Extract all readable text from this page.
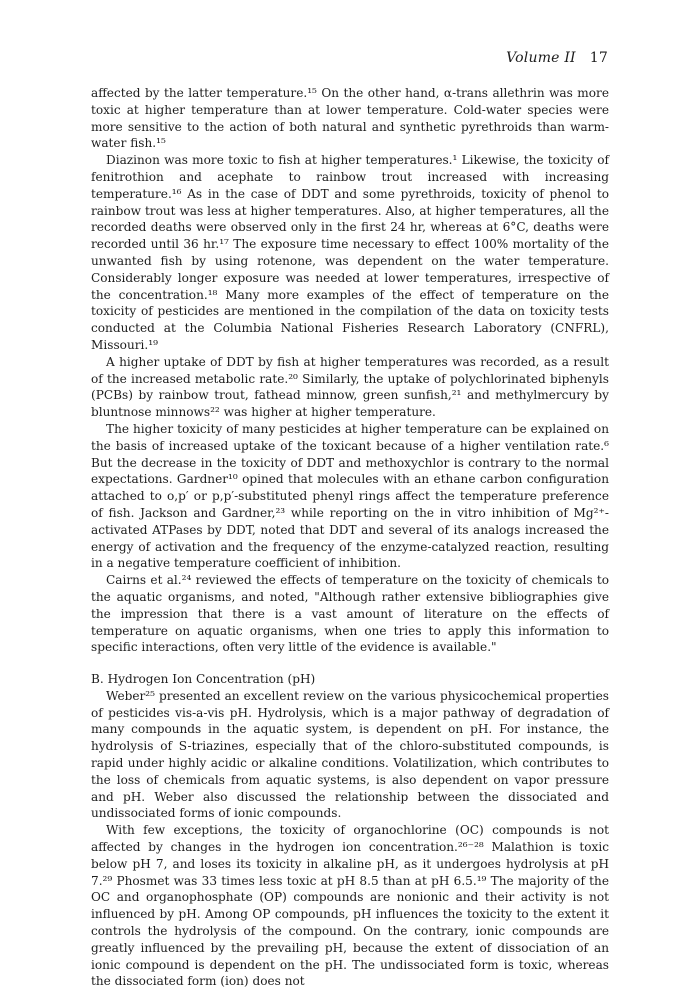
Volume II 17

affected by the latter temperature.¹⁵ On the other hand, α-trans allethrin was more toxic at higher temperature than at lower temperature. Cold-water species were more sensitive to the action of both natural and synthetic pyrethroids than warm-water fish.¹⁵

Diazinon was more toxic to fish at higher temperatures.¹ Likewise, the toxicity of fenitrothion and acephate to rainbow trout increased with increasing temperature.¹⁶ As in the case of DDT and some pyrethroids, toxicity of phenol to rainbow trout was less at higher temperatures. Also, at higher temperatures, all the recorded deaths were observed only in the first 24 hr, whereas at 6°C, deaths were recorded until 36 hr.¹⁷ The exposure time necessary to effect 100% mortality of the unwanted fish by using rotenone, was dependent on the water temperature. Considerably longer exposure was needed at lower temperatures, irrespective of the concentration.¹⁸ Many more examples of the effect of temperature on the toxicity of pesticides are mentioned in the compilation of the data on toxicity tests conducted at the Columbia National Fisheries Research Laboratory (CNFRL), Missouri.¹⁹

A higher uptake of DDT by fish at higher temperatures was recorded, as a result of the increased metabolic rate.²⁰ Similarly, the uptake of polychlorinated biphenyls (PCBs) by rainbow trout, fathead minnow, green sunfish,²¹ and methylmercury by bluntnose minnows²² was higher at higher temperature.

The higher toxicity of many pesticides at higher temperature can be explained on the basis of increased uptake of the toxicant because of a higher ventilation rate.⁶ But the decrease in the toxicity of DDT and methoxychlor is contrary to the normal expectations. Gardner¹⁰ opined that molecules with an ethane carbon configuration attached to o,p′ or p,p′-substituted phenyl rings affect the temperature preference of fish. Jackson and Gardner,²³ while reporting on the in vitro inhibition of Mg²⁺-activated ATPases by DDT, noted that DDT and several of its analogs increased the energy of activation and the frequency of the enzyme-catalyzed reaction, resulting in a negative temperature coefficient of inhibition.

Cairns et al.²⁴ reviewed the effects of temperature on the toxicity of chemicals to the aquatic organisms, and noted, "Although rather extensive bibliographies give the impression that there is a vast amount of literature on the effects of temperature on aquatic organisms, when one tries to apply this information to specific interactions, often very little of the evidence is available."

B. Hydrogen Ion Concentration (pH)

Weber²⁵ presented an excellent review on the various physicochemical properties of pesticides vis-a-vis pH. Hydrolysis, which is a major pathway of degradation of many compounds in the aquatic system, is dependent on pH. For instance, the hydrolysis of S-triazines, especially that of the chloro-substituted compounds, is rapid under highly acidic or alkaline conditions. Volatilization, which contributes to the loss of chemicals from aquatic systems, is also dependent on vapor pressure and pH. Weber also discussed the relationship between the dissociated and undissociated forms of ionic compounds.

With few exceptions, the toxicity of organochlorine (OC) compounds is not affected by changes in the hydrogen ion concentration.²⁶⁻²⁸ Malathion is toxic below pH 7, and loses its toxicity in alkaline pH, as it undergoes hydrolysis at pH 7.²⁹ Phosmet was 33 times less toxic at pH 8.5 than at pH 6.5.¹⁹ The majority of the OC and organophosphate (OP) compounds are nonionic and their activity is not influenced by pH. Among OP compounds, pH influences the toxicity to the extent it controls the hydrolysis of the compound. On the contrary, ionic compounds are greatly influenced by the prevailing pH, because the extent of dissociation of an ionic compound is dependent on the pH. The undissociated form is toxic, whereas the dissociated form (ion) does not
